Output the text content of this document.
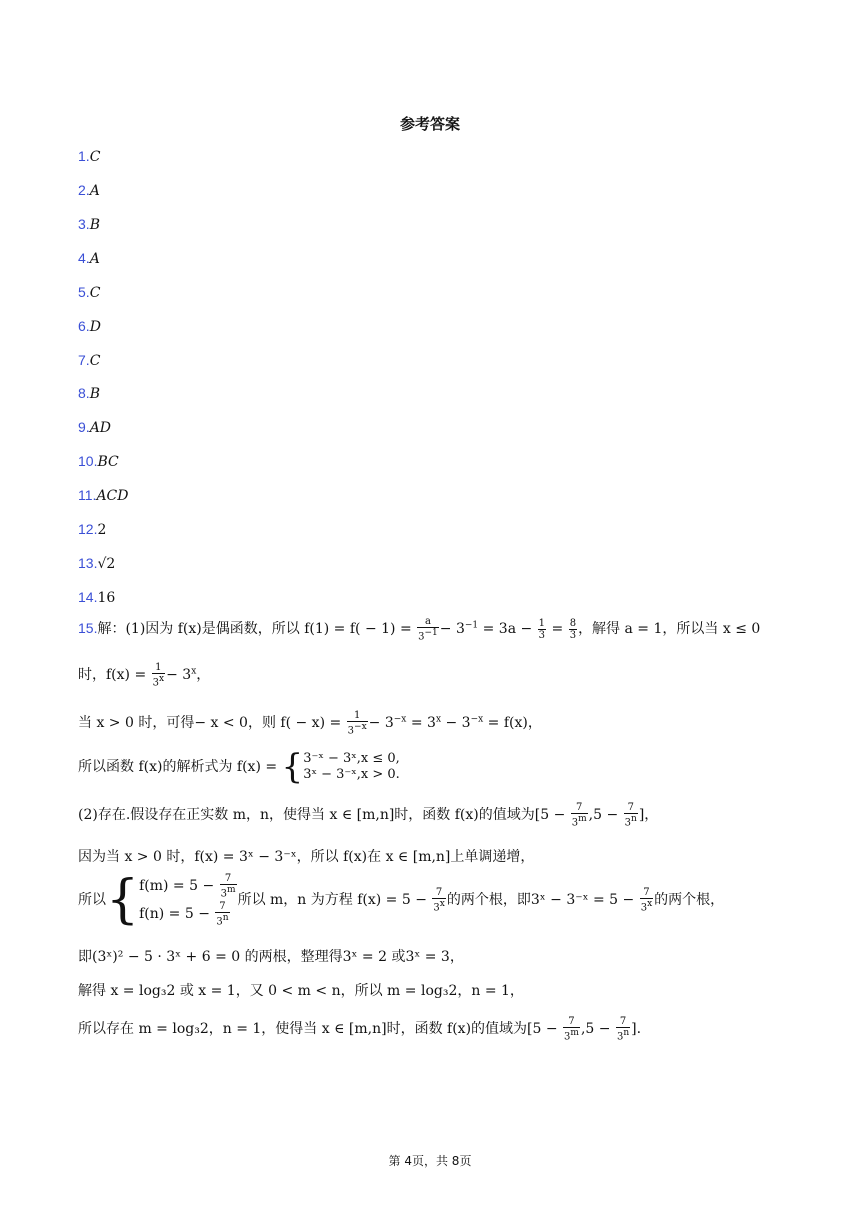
参考答案
1.C
2.A
3.B
4.A
5.C
6.D
7.C
8.B
9.AD
10.BC
11.ACD
12.2
13.√2
14.16
15.解：(1)因为 f(x)是偶函数，所以 $f(1) = f( - 1) = \frac{a}{3^{-1}} - 3^{-1} = 3a - \frac{1}{3} = \frac{8}{3}$ ，解得 a = 1，所以当 x ≤ 0
时，$f(x) = \frac{1}{3^x} - 3^x$，
当 x > 0 时，可得− x < 0，则 $f( - x) = \frac{1}{3^{-x}} - 3^{-x} = 3^x - 3^{-x} = f(x)$，
所以函数 f(x)的解析式为 f(x) = { 3⁻ˣ − 3ˣ,x ≤ 0,
3ˣ − 3⁻ˣ,x > 0.
(2)存在.假设存在正实数 m，n，使得当 x ∈ [m,n]时，函数 f(x)的值域为[$5 - \frac{7}{3^m} ,5 - \frac{7}{3^n}$ ]，
因为当 x > 0 时，f(x) = 3ˣ − 3⁻ˣ，所以 f(x)在 x ∈ [m,n]上单调递增，
所以{ $f(m) = 5 - \frac{7}{3^m}$
$f(n) = 5 - \frac{7}{3^n}$
所以 m，n 为方程 $f(x) = 5 - \frac{7}{3^x}$ 的两个根，即3ˣ − 3⁻ˣ = $5 - \frac{7}{3^x}$ 的两个根，
即(3ˣ)² − 5 · 3ˣ + 6 = 0 的两根，整理得3ˣ = 2 或3ˣ = 3，
解得 x = log₃2 或 x = 1，又 0 < m < n，所以 m = log₃2，n = 1，
所以存在 m = log₃2，n = 1，使得当 x ∈ [m,n]时，函数 f(x)的值域为[$5 - \frac{7}{3^m} ,5 - \frac{7}{3^n}$ ].
第 4页，共 8页
